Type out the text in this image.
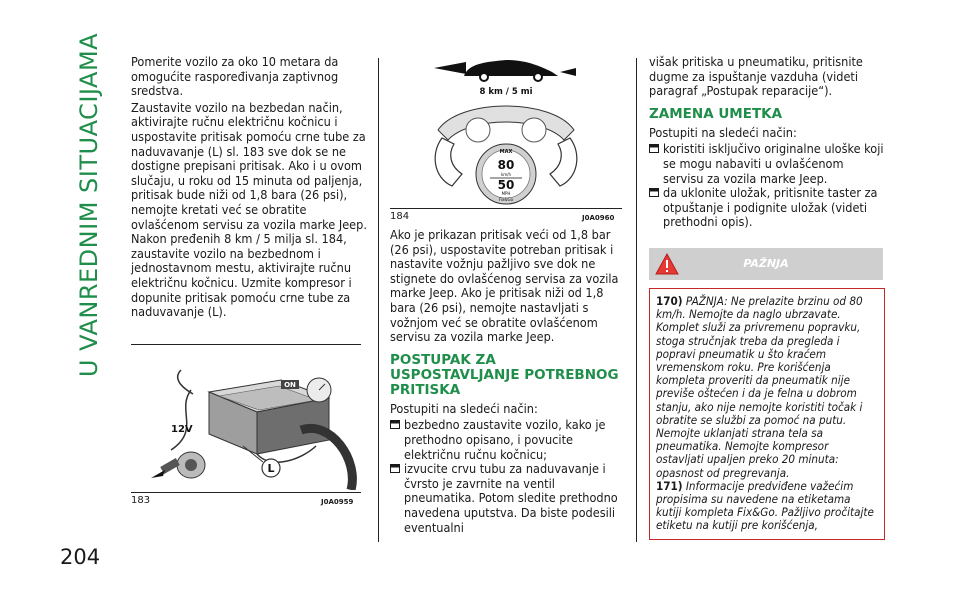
U VANREDNIM SITUACIJAMA
204

Pomerite vozilo za oko 10 metara da omogućite raspoređivanja zaptivnog sredstva.

Zaustavite vozilo na bezbedan način, aktivirajte ručnu električnu kočnicu i uspostavite pritisak pomoću crne tube za naduvavanje (L) sl. 183 sve dok se ne dostigne prepisani pritisak. Ako i u ovom slučaju, u roku od 15 minuta od paljenja, pritisak bude niži od 1,8 bara (26 psi), nemojte kretati već se obratite ovlašćenom servisu za vozila marke Jeep. Nakon pređenih 8 km / 5 milja sl. 184, zaustavite vozilo na bezbednom i jednostavnom mestu, aktivirajte ručnu električnu kočnicu. Uzmite kompresor i dopunite pritisak pomoću crne tube za naduvavanje (L).

ON
12V
L
183	J0A0959
8 km / 5 mi
MAX
80
km/h
50
MPH
Fix&Go
184	J0A0960

Ako je prikazan pritisak veći od 1,8 bar (26 psi), uspostavite potreban pritisak i nastavite vožnju pažljivo sve dok ne stignete do ovlašćenog servisa za vozila marke Jeep. Ako je pritisak niži od 1,8 bara (26 psi), nemojte nastavljati s vožnjom već se obratite ovlašćenom servisu za vozila marke Jeep.

POSTUPAK ZA USPOSTAVLJANJE POTREBNOG PRITISKA

Postupiti na sledeći način:

bezbedno zaustavite vozilo, kako je prethodno opisano, i povucite električnu ručnu kočnicu;
izvucite crvu tubu za naduvavanje i čvrsto je zavrnite na ventil pneumatika. Potom sledite prethodno navedena uputstva. Da biste podesili eventualni

višak pritiska u pneumatiku, pritisnite dugme za ispuštanje vazduha (videti paragraf „Postupak reparacije“).

ZAMENA UMETKA

Postupiti na sledeći način:

koristiti isključivo originalne uloške koji se mogu nabaviti u ovlašćenom servisu za vozila marke Jeep.
da uklonite uložak, pritisnite taster za otpuštanje i podignite uložak (videti prethodni opis).
PAŽNJA
170) PAŽNJA: Ne prelazite brzinu od 80 km/h. Nemojte da naglo ubrzavate. Komplet služi za privremenu popravku, stoga stručnjak treba da pregleda i popravi pneumatik u što kraćem vremenskom roku. Pre korišćenja kompleta proveriti da pneumatik nije previše oštećen i da je felna u dobrom stanju, ako nije nemojte koristiti točak i obratite se službi za pomoć na putu. Nemojte uklanjati strana tela sa pneumatika. Nemojte kompresor ostavljati upaljen preko 20 minuta: opasnost od pregrevanja.
171) Informacije predviđene važećim propisima su navedene na etiketama kutiji kompleta Fix&Go. Pažljivo pročitajte etiketu na kutiji pre korišćenja,
